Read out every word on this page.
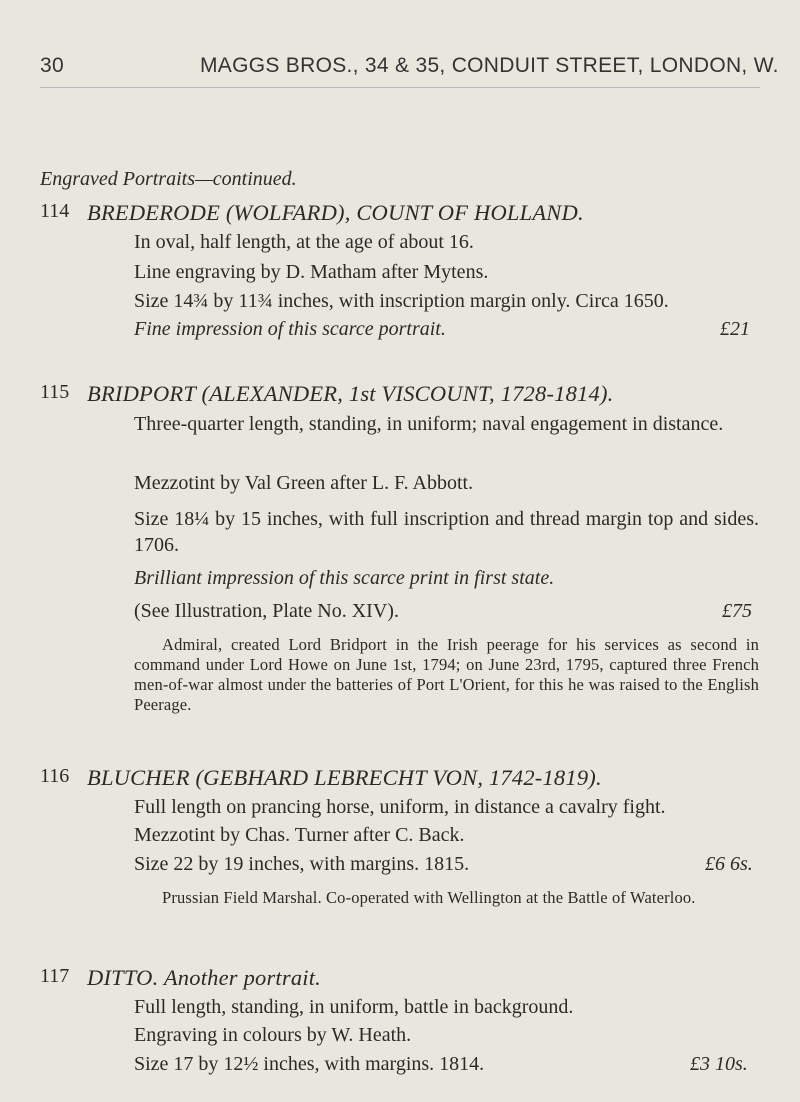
30	MAGGS BROS., 34 & 35, CONDUIT STREET, LONDON, W.
Engraved Portraits—continued.
114 BREDERODE (WOLFARD), COUNT OF HOLLAND.
In oval, half length, at the age of about 16.
Line engraving by D. Matham after Mytens.
Size 14¾ by 11¾ inches, with inscription margin only. Circa 1650.
Fine impression of this scarce portrait.	£21
115 BRIDPORT (ALEXANDER, 1st VISCOUNT, 1728-1814).
Three-quarter length, standing, in uniform; naval engagement in distance.
Mezzotint by Val Green after L. F. Abbott.
Size 18¼ by 15 inches, with full inscription and thread margin top and sides. 1706.
Brilliant impression of this scarce print in first state.
(See Illustration, Plate No. XIV).	£75
Admiral, created Lord Bridport in the Irish peerage for his services as second in command under Lord Howe on June 1st, 1794; on June 23rd, 1795, captured three French men-of-war almost under the batteries of Port L'Orient, for this he was raised to the English Peerage.
116 BLUCHER (GEBHARD LEBRECHT VON, 1742-1819).
Full length on prancing horse, uniform, in distance a cavalry fight.
Mezzotint by Chas. Turner after C. Back.
Size 22 by 19 inches, with margins. 1815.	£6 6s.
Prussian Field Marshal. Co-operated with Wellington at the Battle of Waterloo.
117 DITTO. Another portrait.
Full length, standing, in uniform, battle in background.
Engraving in colours by W. Heath.
Size 17 by 12½ inches, with margins. 1814.	£3 10s.
